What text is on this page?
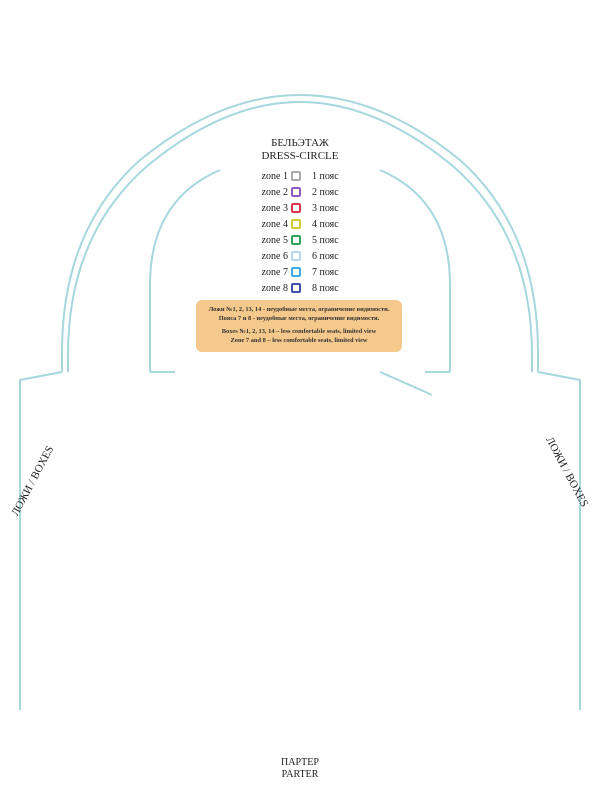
БЕЛЬЭТАЖ
DRESS-CIRCLE
zone 1 1 пояс
zone 2 2 пояс
zone 3 3 пояс
zone 4 4 пояс
zone 5 5 пояс
zone 6 6 пояс
zone 7 7 пояс
zone 8 8 пояс

Ложи №1, 2, 13, 14 - неудобные места, ограничение видимости.

Пояса 7 и 8 - неудобные места, ограничение видимости.

Boxes №1, 2, 13, 14 – less comfortable seats, limited view

Zone 7 and 8 – less comfortable seats, limited view

ЛОЖИ / BOXES	ЛОЖИ / BOXES
ПАРТЕР
PARTER
